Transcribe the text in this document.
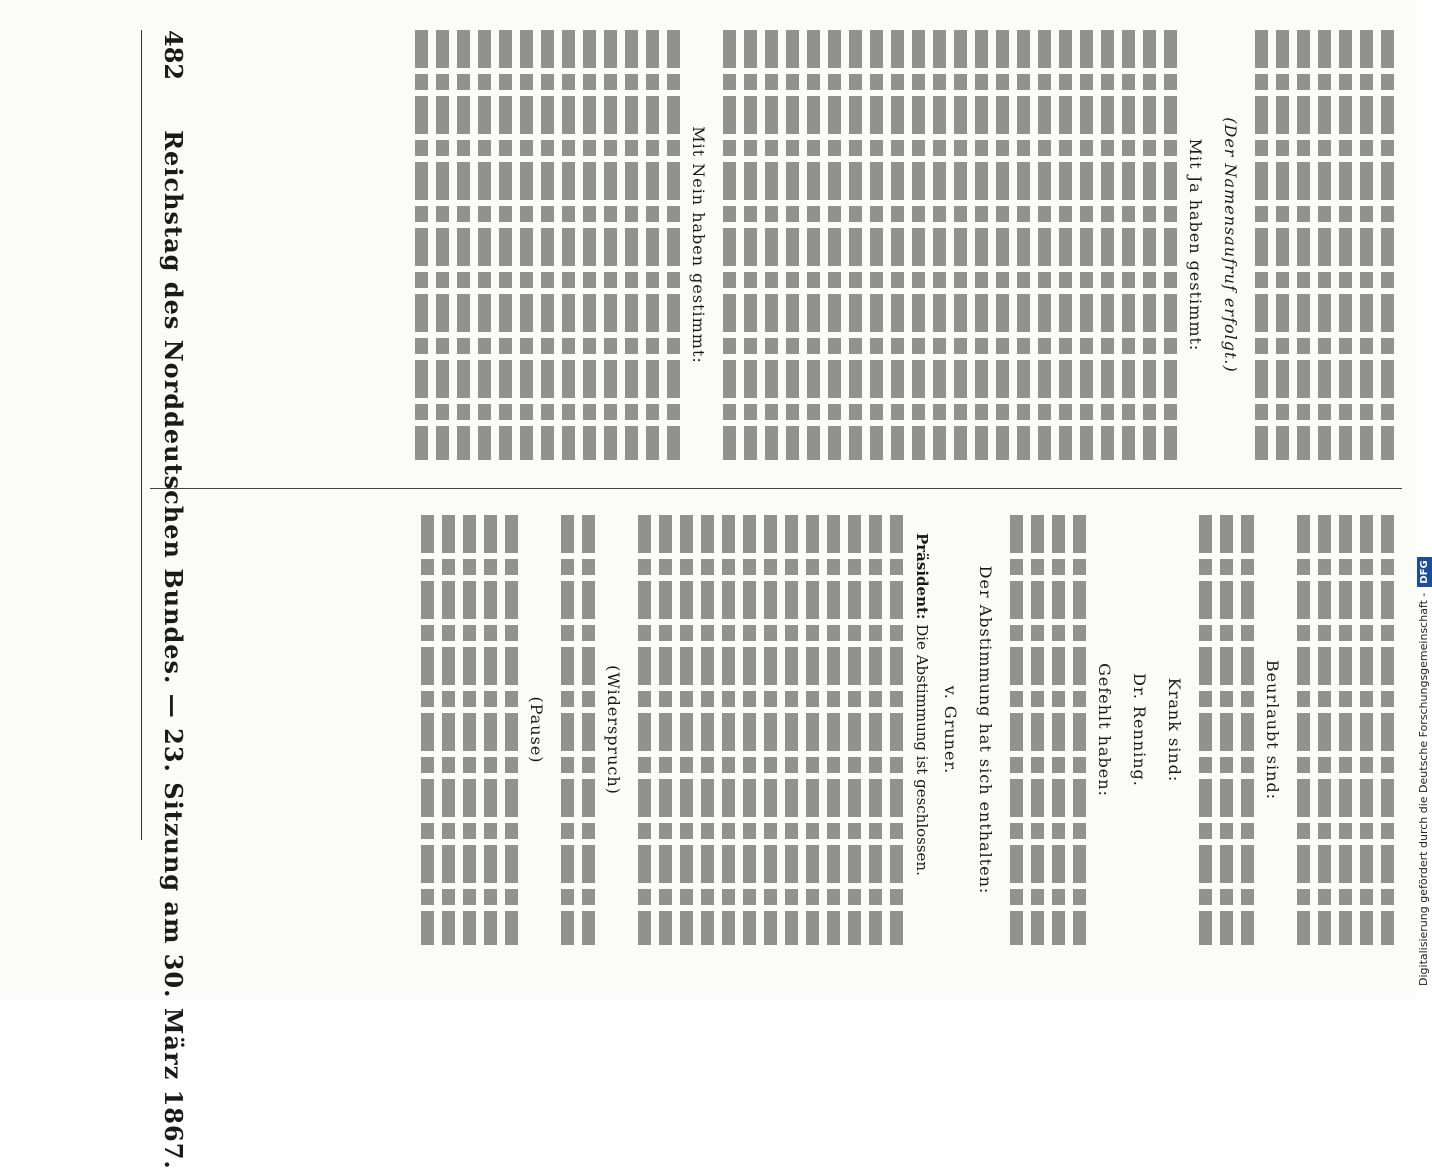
482
Reichstag des Norddeutschen Bundes. — 23. Sitzung am 30. März 1867.	(Der Namensaufruf erfolgt.)
Mit Ja haben gestimmt:
Mit Nein haben gestimmt:
Beurlaubt sind:
Krank sind:
Dr. Renning.
Gefehlt haben:
Der Abstimmung hat sich enthalten:
v. Gruner.
Präsident: Die Abstimmung ist geschlossen.
(Widerspruch)
(Pause)	Digitalisierung gefördert durch die Deutsche Forschungsgemeinschaft -DFG
